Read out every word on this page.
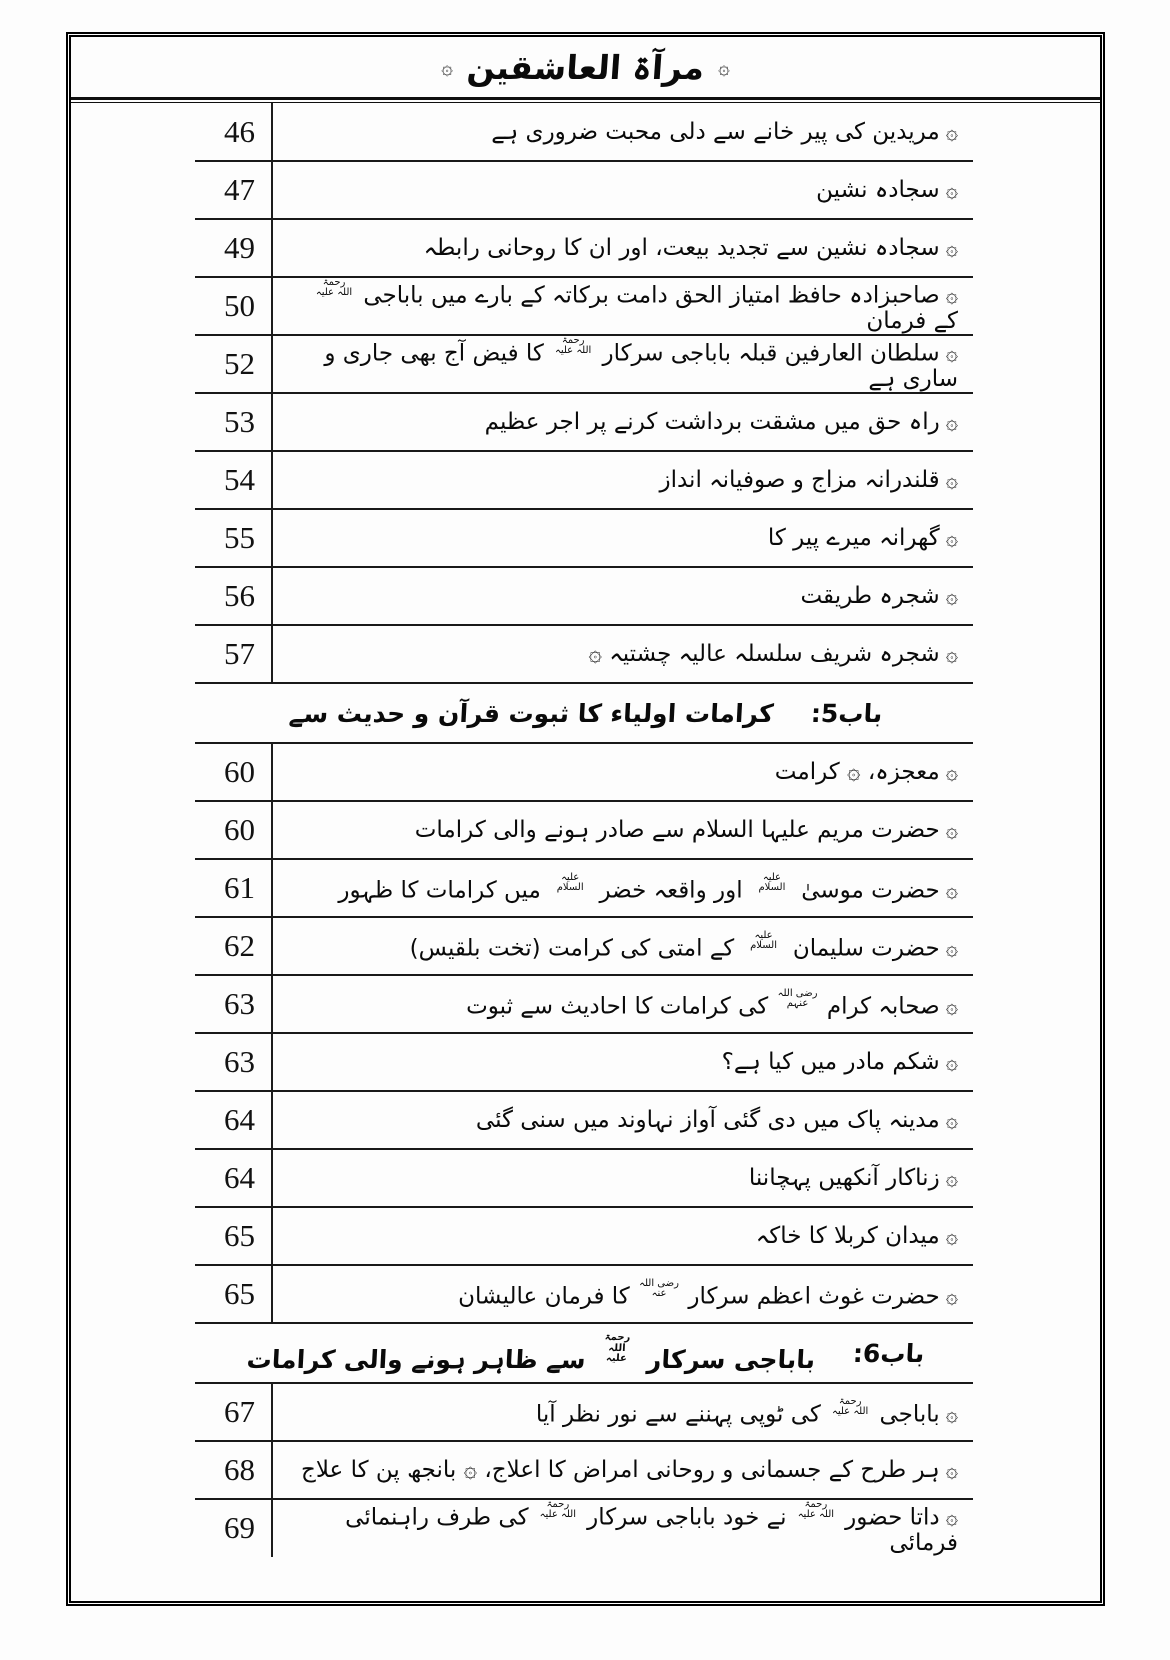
۞
مرآۃ العاشقین
۞
46	۞مریدین کی پیر خانے سے دلی محبت ضروری ہے
47	۞سجادہ نشین
49	۞سجادہ نشین سے تجدید بیعت، اور ان کا روحانی رابطہ
50	۞صاحبزادہ حافظ امتیاز الحق دامت برکاتہ کے بارے میں باباجی رحمۃ اللہ علیہ کے فرمان
52	۞سلطان العارفین قبلہ باباجی سرکار رحمۃ اللہ علیہ کا فیض آج بھی جاری و ساری ہے
53	۞راہ حق میں مشقت برداشت کرنے پر اجر عظیم
54	۞قلندرانہ مزاج و صوفیانہ انداز
55	۞گھرانہ میرے پیر کا
56	۞شجرہ طریقت
57	۞شجرہ شریف سلسلہ عالیہ چشتیہ ۞
باب5:
کرامات اولیاء کا ثبوت قرآن و حدیث سے
60	۞معجزہ، ۞ کرامت
60	۞حضرت مریم علیہا السلام سے صادر ہونے والی کرامات
61	۞حضرت موسیٰ علیہ السلام اور واقعہ خضر علیہ السلام میں کرامات کا ظہور
62	۞حضرت سلیمان علیہ السلام کے امتی کی کرامت (تخت بلقیس)
63	۞صحابہ کرام رضی اللہ عنہم کی کرامات کا احادیث سے ثبوت
63	۞شکم مادر میں کیا ہے؟
64	۞مدینہ پاک میں دی گئی آواز نہاوند میں سنی گئی
64	۞زناکار آنکھیں پہچاننا
65	۞میدان کربلا کا خاکہ
65	۞حضرت غوث اعظم سرکار رضی اللہ عنہ کا فرمان عالیشان
باب6:
باباجی سرکار رحمۃ اللہ علیہ سے ظاہر ہونے والی کرامات
67	۞باباجی رحمۃ اللہ علیہ کی ٹوپی پہننے سے نور نظر آیا
68	۞ہر طرح کے جسمانی و روحانی امراض کا اعلاج، ۞ بانجھ پن کا علاج
69	۞داتا حضور رحمۃ اللہ علیہ نے خود باباجی سرکار رحمۃ اللہ علیہ کی طرف راہنمائی فرمائی
